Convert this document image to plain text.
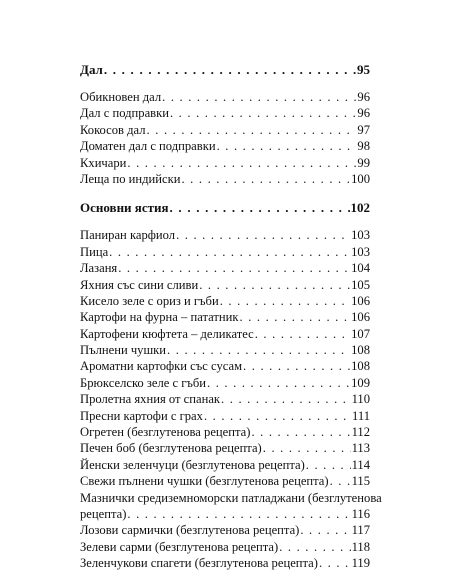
Дал . . .	95
Обикновен дал . . .	96
Дал с подправки . . .	96
Кокосов дал . . .	97
Доматен дал с подправки . . .	98
Кхичари . . .	99
Леща по индийски . . .	100
Основни ястия . . .	102
Паниран карфиол . . .	103
Пица . . .	103
Лазаня . . .	104
Яхния със сини сливи . . .	105
Кисело зеле с ориз и гъби . . .	106
Картофи на фурна – пататник . . .	106
Картофени кюфтета – деликатес . . .	107
Пълнени чушки . . .	108
Ароматни картофки със сусам . . .	108
Брюкселско зеле с гъби . . .	109
Пролетна яхния от спанак . . .	110
Пресни картофи с грах . . .	111
Огретен (безглутенова рецепта) . . .	112
Печен боб (безглутенова рецепта) . . .	113
Йенски зеленчуци (безглутенова рецепта) . . .	114
Свежи пълнени чушки (безглутенова рецепта) . . . 115
Мазнички средиземноморски патладжани (безглутенова
рецепта) . . .	116
Лозови сармички (безглутенова рецепта) . . .	117
Зелеви сарми (безглутенова рецепта) . . .	118
Зеленчукови спагети (безглутенова рецепта) . . .	119
